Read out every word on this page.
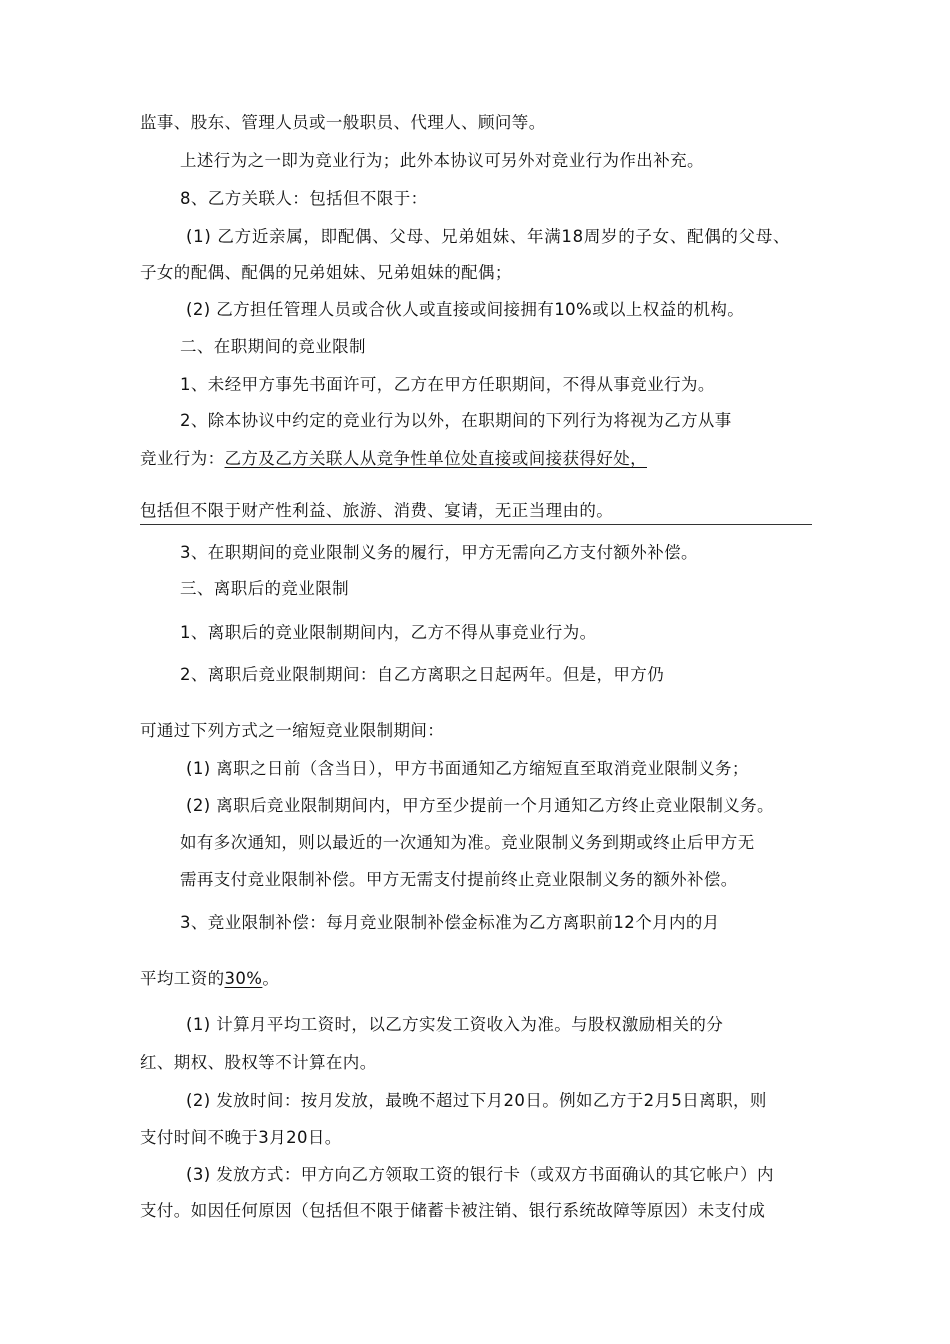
监事、股东、管理人员或一般职员、代理人、顾问等。
上述行为之一即为竞业行为；此外本协议可另外对竞业行为作出补充。
8、乙方关联人：包括但不限于：
(1) 乙方近亲属，即配偶、父母、兄弟姐妹、年满18周岁的子女、配偶的父母、
子女的配偶、配偶的兄弟姐妹、兄弟姐妹的配偶；
(2) 乙方担任管理人员或合伙人或直接或间接拥有10%或以上权益的机构。
二、在职期间的竞业限制
1、未经甲方事先书面许可，乙方在甲方任职期间，不得从事竞业行为。
2、除本协议中约定的竞业行为以外，在职期间的下列行为将视为乙方从事
竞业行为：乙方及乙方关联人从竞争性单位处直接或间接获得好处，
包括但不限于财产性利益、旅游、消费、宴请，无正当理由的。
3、在职期间的竞业限制义务的履行，甲方无需向乙方支付额外补偿。
三、离职后的竞业限制
1、离职后的竞业限制期间内，乙方不得从事竞业行为。
2、离职后竞业限制期间：自乙方离职之日起两年。但是，甲方仍
可通过下列方式之一缩短竞业限制期间：
(1) 离职之日前（含当日），甲方书面通知乙方缩短直至取消竞业限制义务；
(2) 离职后竞业限制期间内，甲方至少提前一个月通知乙方终止竞业限制义务。
如有多次通知，则以最近的一次通知为准。竞业限制义务到期或终止后甲方无
需再支付竞业限制补偿。甲方无需支付提前终止竞业限制义务的额外补偿。
3、竞业限制补偿：每月竞业限制补偿金标准为乙方离职前12个月内的月
平均工资的30%。
(1) 计算月平均工资时，以乙方实发工资收入为准。与股权激励相关的分
红、期权、股权等不计算在内。
(2) 发放时间：按月发放，最晚不超过下月20日。例如乙方于2月5日离职，则
支付时间不晚于3月20日。
(3) 发放方式：甲方向乙方领取工资的银行卡（或双方书面确认的其它帐户）内
支付。如因任何原因（包括但不限于储蓄卡被注销、银行系统故障等原因）未支付成
